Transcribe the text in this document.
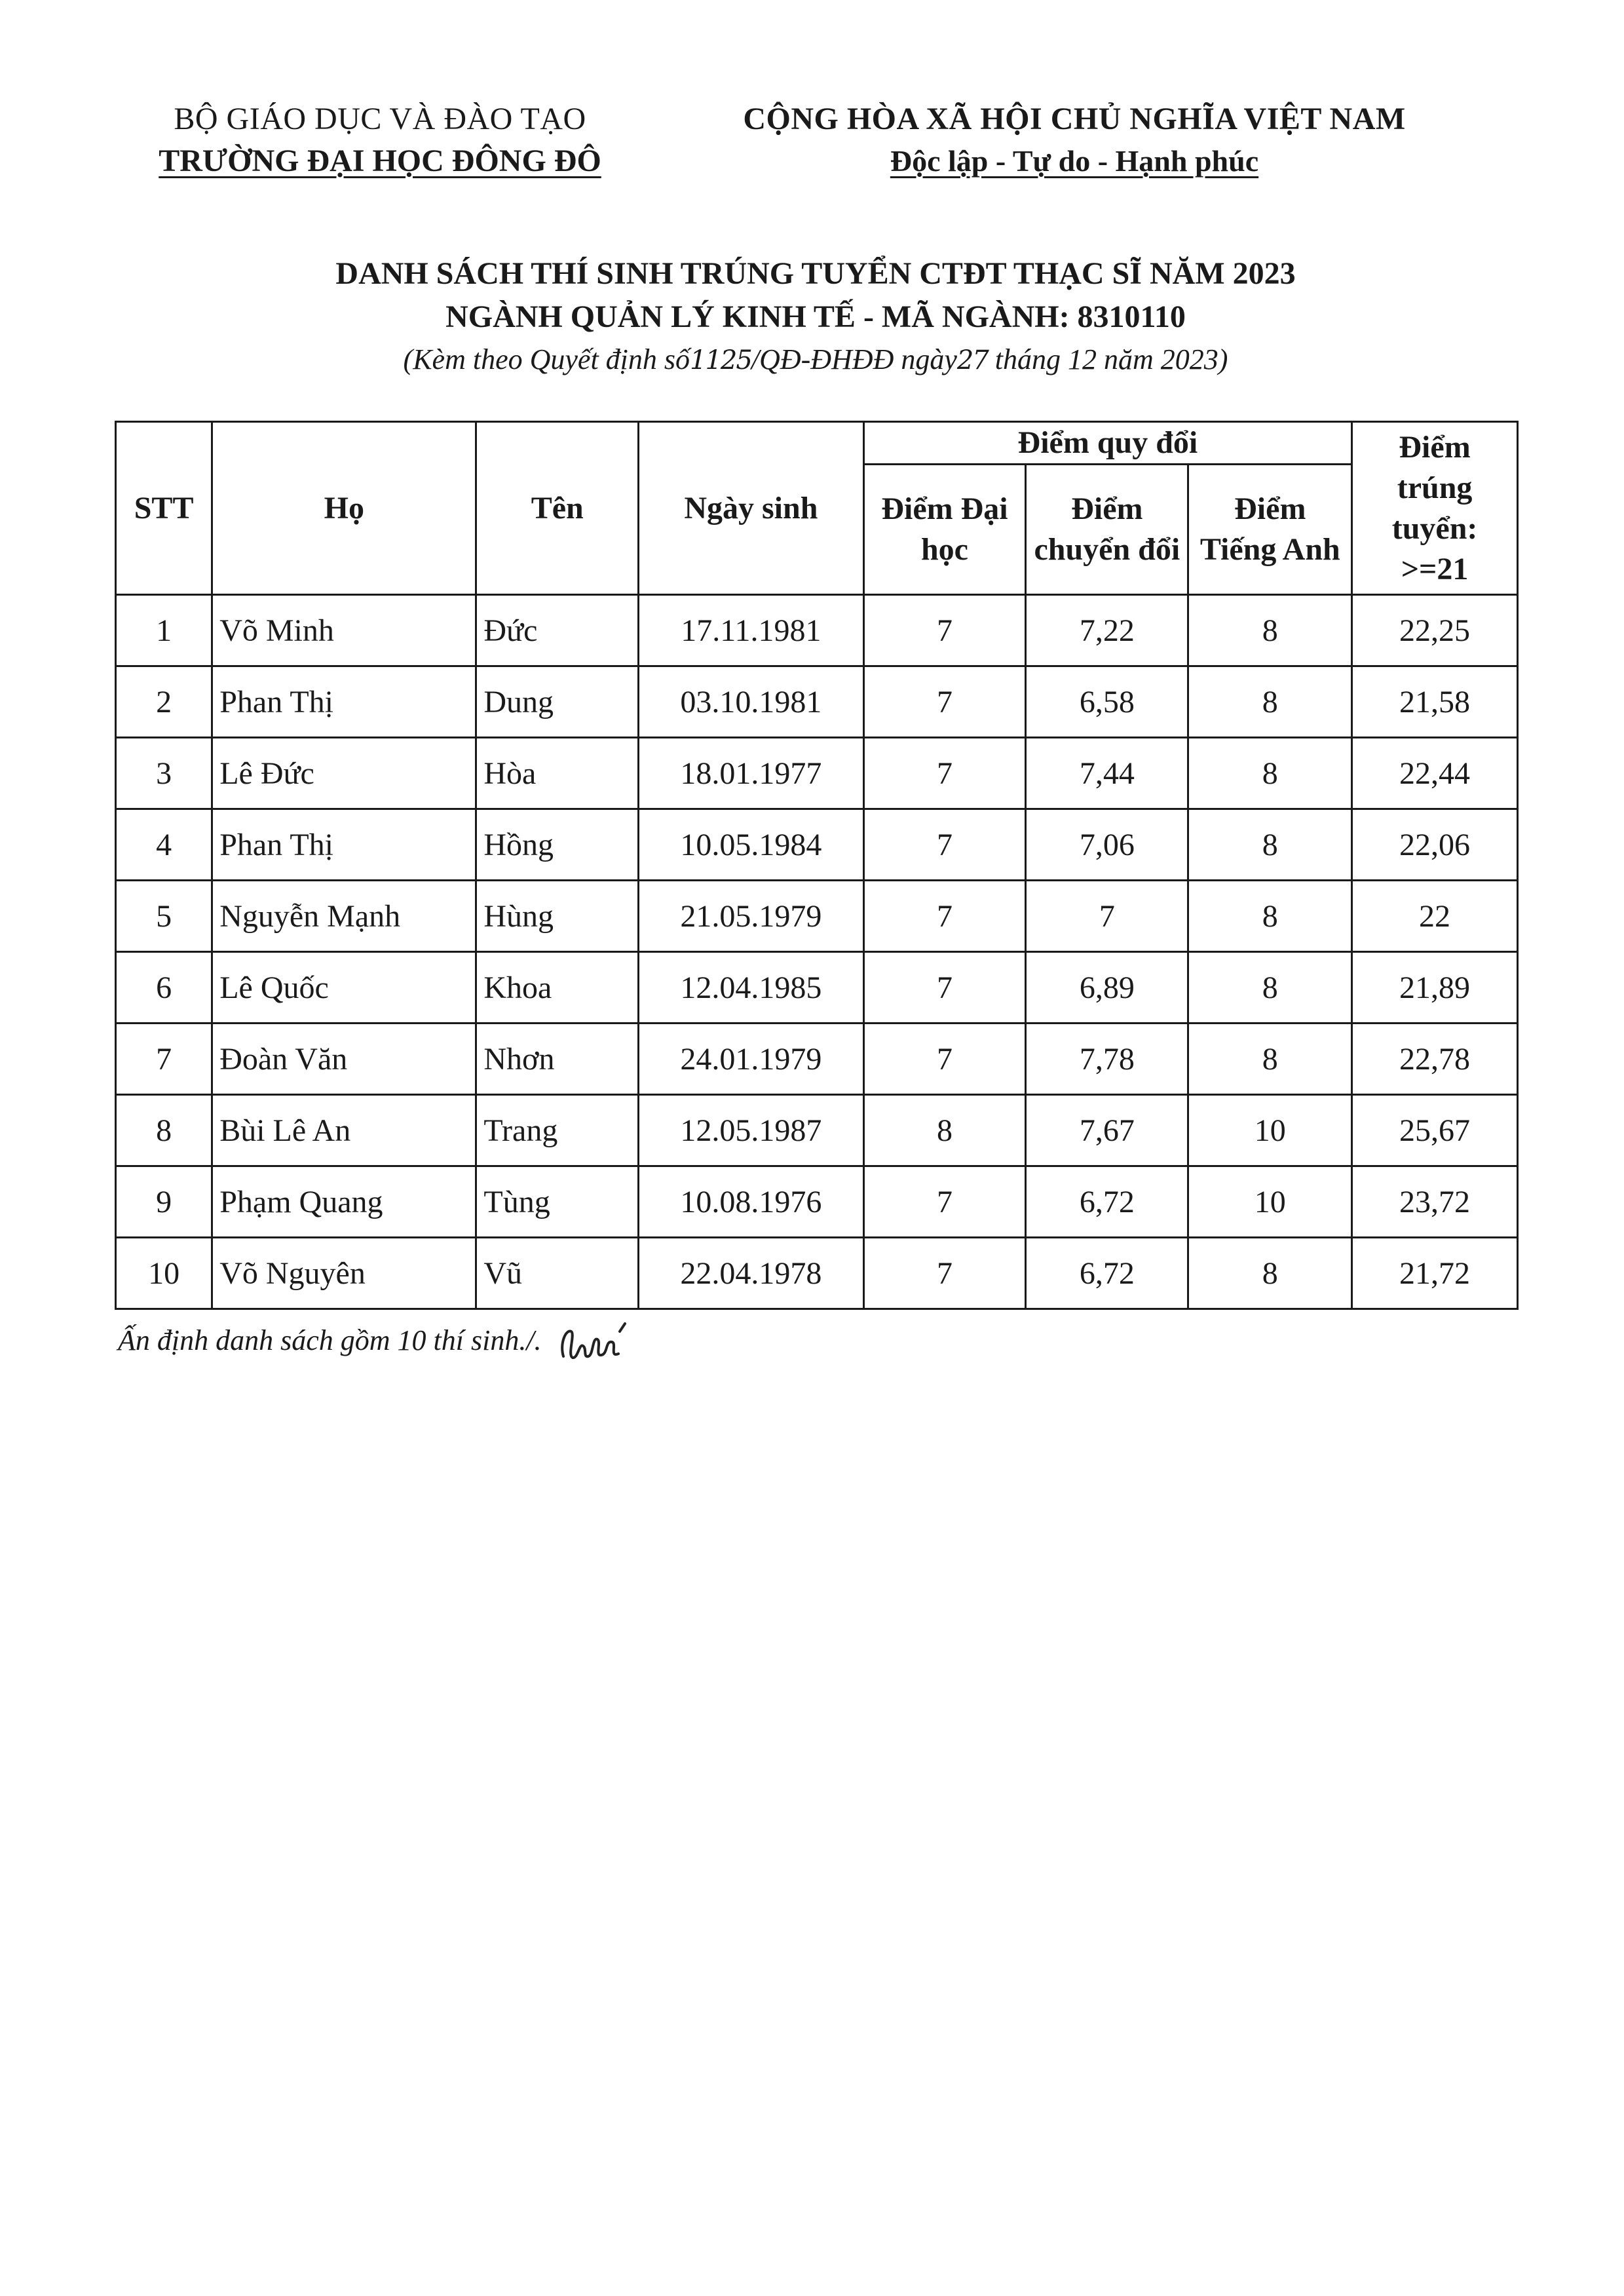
BỘ GIÁO DỤC VÀ ĐÀO TẠO
TRƯỜNG ĐẠI HỌC ĐÔNG ĐÔ
CỘNG HÒA XÃ HỘI CHỦ NGHĨA VIỆT NAM
Độc lập - Tự do - Hạnh phúc
DANH SÁCH THÍ SINH TRÚNG TUYỂN CTĐT THẠC SĨ NĂM 2023
NGÀNH QUẢN LÝ KINH TẾ - MÃ NGÀNH: 8310110
(Kèm theo Quyết định số1125/QĐ-ĐHĐĐ ngày27 tháng 12 năm 2023)
STT	Họ	Tên	Ngày sinh	Điểm quy đổi			Điểm trúng tuyển: >=21
				Điểm Đại học	Điểm chuyển đổi	Điểm Tiếng Anh	
1	Võ Minh	Đức	17.11.1981	7	7,22	8	22,25
2	Phan Thị	Dung	03.10.1981	7	6,58	8	21,58
3	Lê Đức	Hòa	18.01.1977	7	7,44	8	22,44
4	Phan Thị	Hồng	10.05.1984	7	7,06	8	22,06
5	Nguyễn Mạnh	Hùng	21.05.1979	7	7	8	22
6	Lê Quốc	Khoa	12.04.1985	7	6,89	8	21,89
7	Đoàn Văn	Nhơn	24.01.1979	7	7,78	8	22,78
8	Bùi Lê An	Trang	12.05.1987	8	7,67	10	25,67
9	Phạm Quang	Tùng	10.08.1976	7	6,72	10	23,72
10	Võ Nguyên	Vũ	22.04.1978	7	6,72	8	21,72
Ấn định danh sách gồm 10 thí sinh./.
